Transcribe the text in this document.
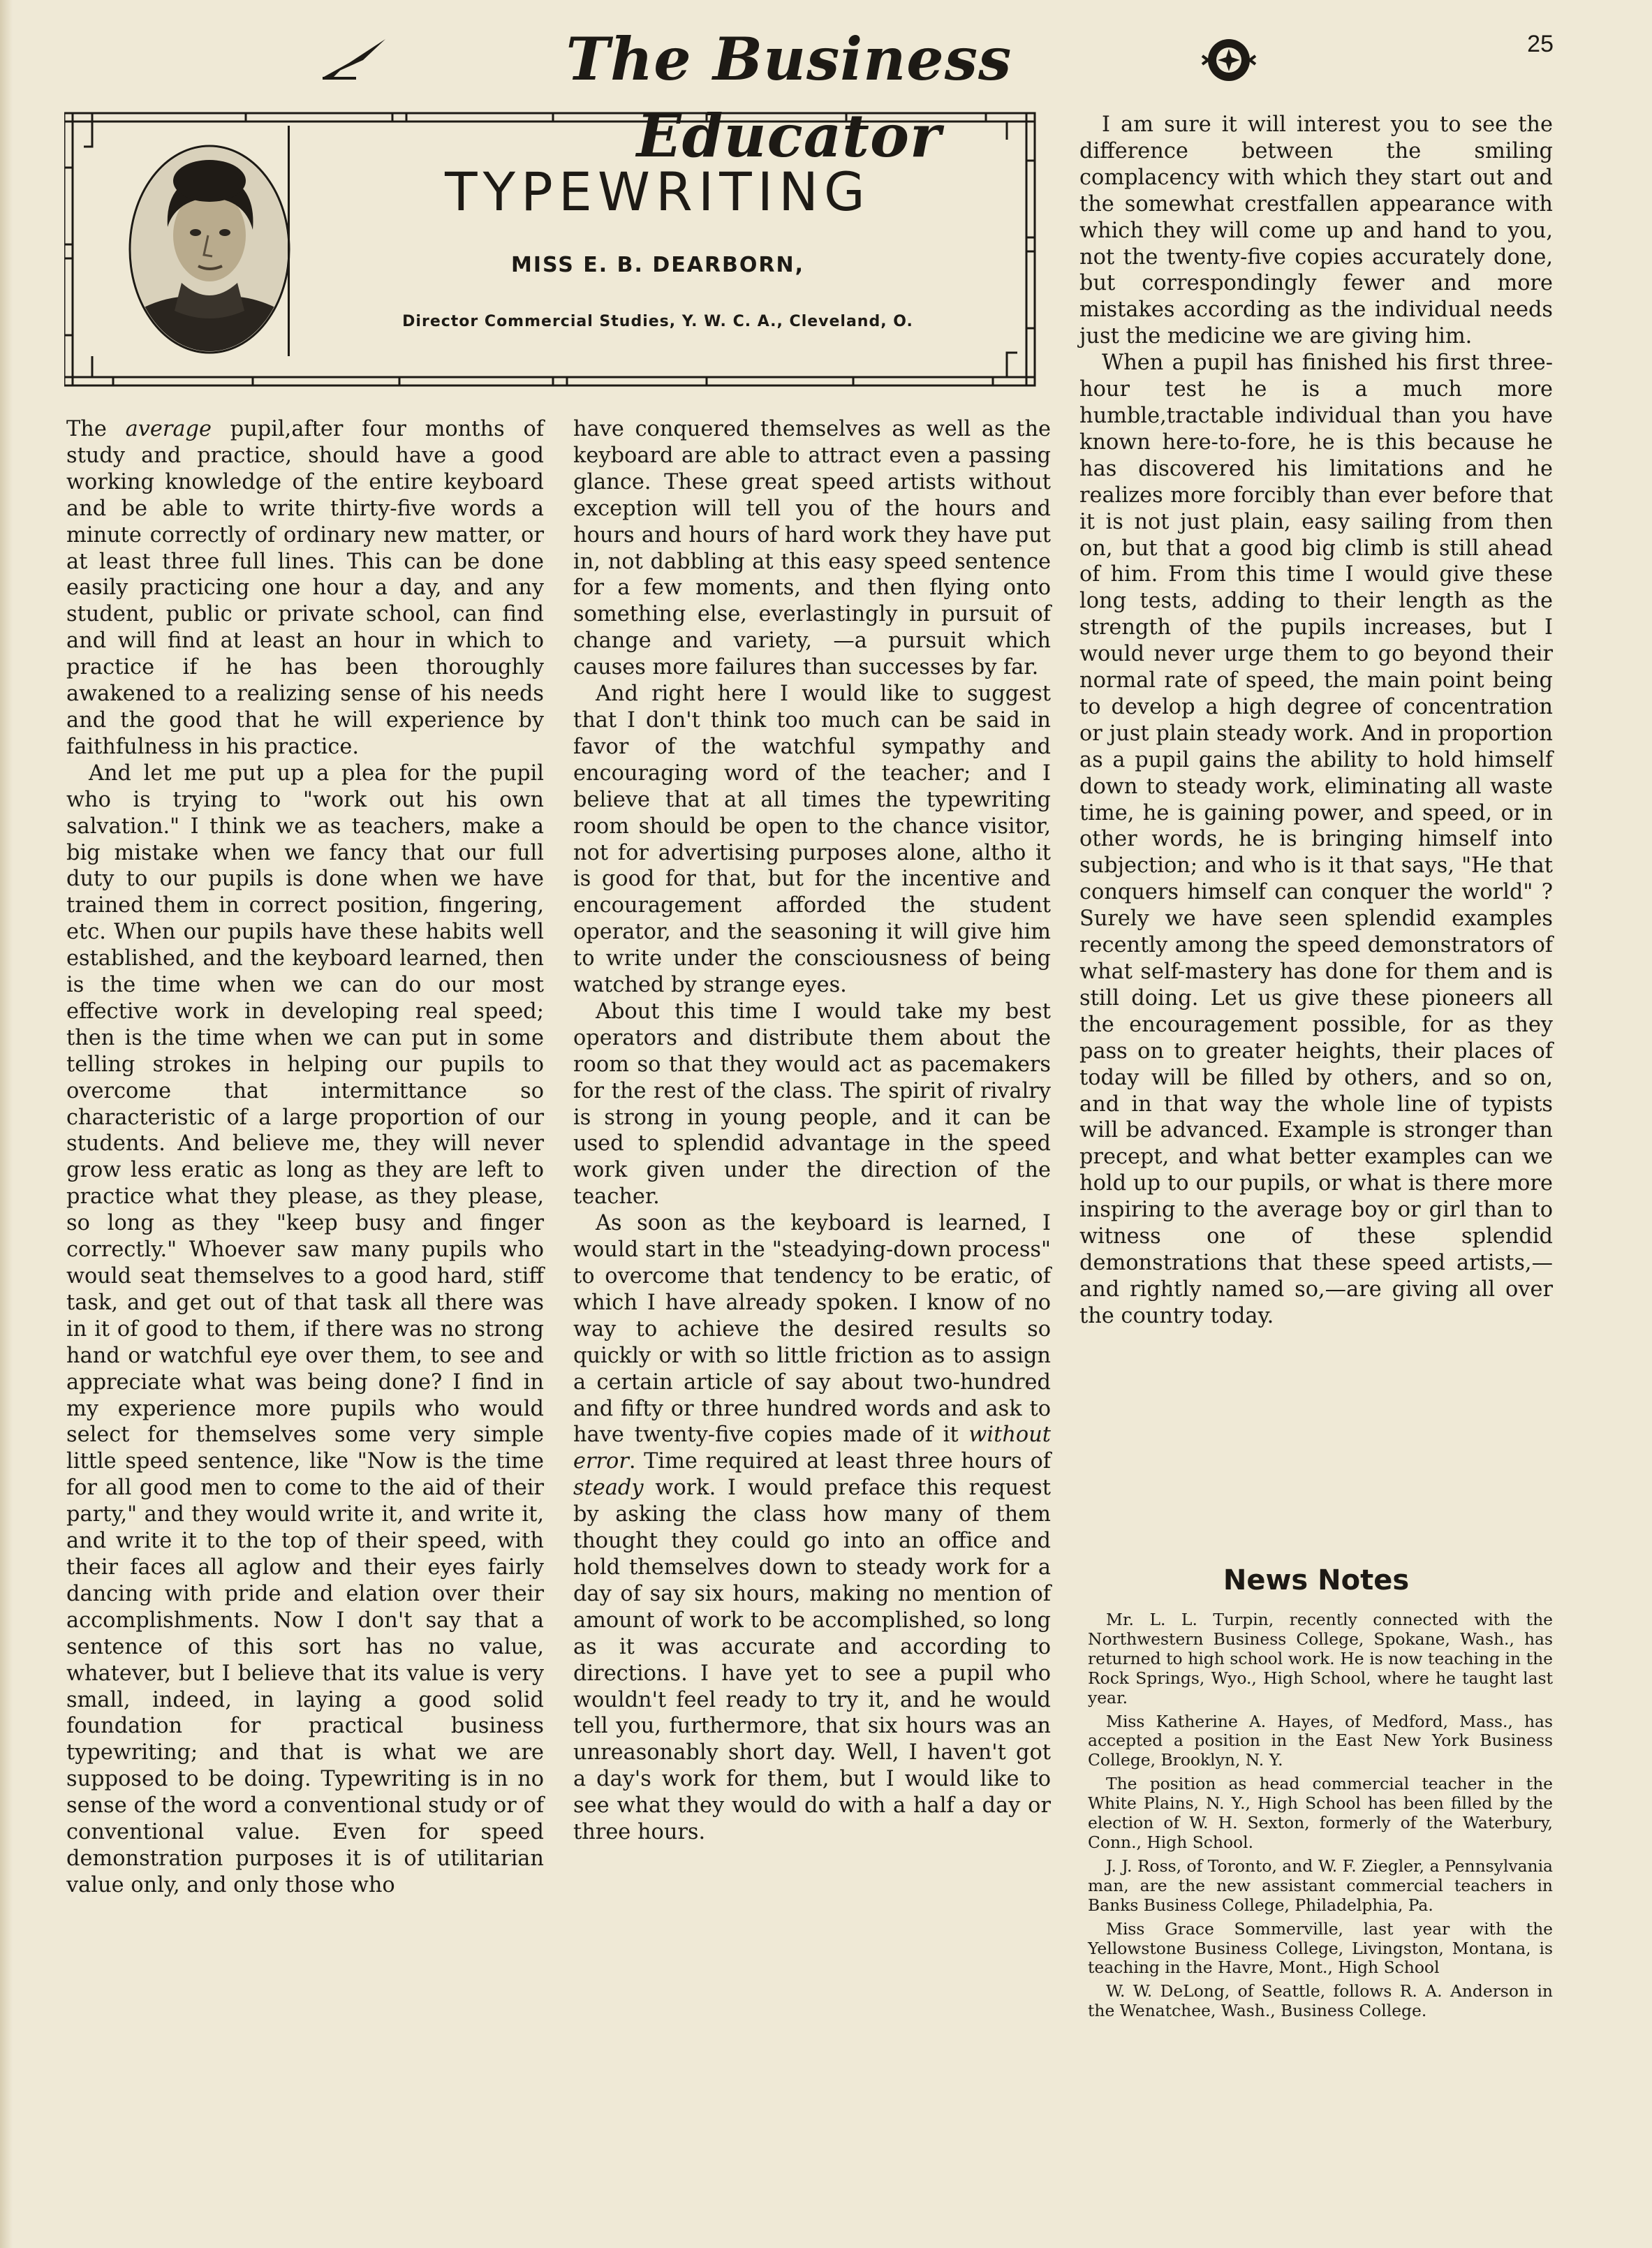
The Business Educator
25
TYPEWRITING
MISS E. B. DEARBORN,
Director Commercial Studies, Y. W. C. A., Cleveland, O.

The average pupil,after four months of study and practice, should have a good working knowledge of the entire keyboard and be able to write thirty-five words a minute correctly of ordinary new matter, or at least three full lines. This can be done easily practicing one hour a day, and any student, public or private school, can find and will find at least an hour in which to practice if he has been thoroughly awakened to a realizing sense of his needs and the good that he will experience by faithfulness in his practice.

And let me put up a plea for the pupil who is trying to "work out his own salvation." I think we as teachers, make a big mistake when we fancy that our full duty to our pupils is done when we have trained them in correct position, fingering, etc. When our pupils have these habits well established, and the keyboard learned, then is the time when we can do our most effective work in developing real speed; then is the time when we can put in some telling strokes in helping our pupils to overcome that intermittance so characteristic of a large proportion of our students. And believe me, they will never grow less eratic as long as they are left to practice what they please, as they please, so long as they "keep busy and finger correctly." Whoever saw many pupils who would seat themselves to a good hard, stiff task, and get out of that task all there was in it of good to them, if there was no strong hand or watchful eye over them, to see and appreciate what was being done? I find in my experience more pupils who would select for themselves some very simple little speed sentence, like "Now is the time for all good men to come to the aid of their party," and they would write it, and write it, and write it to the top of their speed, with their faces all aglow and their eyes fairly dancing with pride and elation over their accomplishments. Now I don't say that a sentence of this sort has no value, whatever, but I believe that its value is very small, indeed, in laying a good solid foundation for practical business typewriting; and that is what we are supposed to be doing. Typewriting is in no sense of the word a conventional study or of conventional value. Even for speed demonstration purposes it is of utilitarian value only, and only those who

have conquered themselves as well as the keyboard are able to attract even a passing glance. These great speed artists without exception will tell you of the hours and hours and hours of hard work they have put in, not dabbling at this easy speed sentence for a few moments, and then flying onto something else, everlastingly in pursuit of change and variety, —a pursuit which causes more failures than successes by far.

And right here I would like to suggest that I don't think too much can be said in favor of the watchful sympathy and encouraging word of the teacher; and I believe that at all times the typewriting room should be open to the chance visitor, not for advertising purposes alone, altho it is good for that, but for the incentive and encouragement afforded the student operator, and the seasoning it will give him to write under the consciousness of being watched by strange eyes.

About this time I would take my best operators and distribute them about the room so that they would act as pacemakers for the rest of the class. The spirit of rivalry is strong in young people, and it can be used to splendid advantage in the speed work given under the direction of the teacher.

As soon as the keyboard is learned, I would start in the "steadying-down process" to overcome that tendency to be eratic, of which I have already spoken. I know of no way to achieve the desired results so quickly or with so little friction as to assign a certain article of say about two-hundred and fifty or three hundred words and ask to have twenty-five copies made of it without error. Time required at least three hours of steady work. I would preface this request by asking the class how many of them thought they could go into an office and hold themselves down to steady work for a day of say six hours, making no mention of amount of work to be accomplished, so long as it was accurate and according to directions. I have yet to see a pupil who wouldn't feel ready to try it, and he would tell you, furthermore, that six hours was an unreasonably short day. Well, I haven't got a day's work for them, but I would like to see what they would do with a half a day or three hours.

I am sure it will interest you to see the difference between the smiling complacency with which they start out and the somewhat crestfallen appearance with which they will come up and hand to you, not the twenty-five copies accurately done, but correspondingly fewer and more mistakes according as the individual needs just the medicine we are giving him.

When a pupil has finished his first three-hour test he is a much more humble,tractable individual than you have known here-to-fore, he is this because he has discovered his limitations and he realizes more forcibly than ever before that it is not just plain, easy sailing from then on, but that a good big climb is still ahead of him. From this time I would give these long tests, adding to their length as the strength of the pupils increases, but I would never urge them to go beyond their normal rate of speed, the main point being to develop a high degree of concentration or just plain steady work. And in proportion as a pupil gains the ability to hold himself down to steady work, eliminating all waste time, he is gaining power, and speed, or in other words, he is bringing himself into subjection; and who is it that says, "He that conquers himself can conquer the world" ? Surely we have seen splendid examples recently among the speed demonstrators of what self-mastery has done for them and is still doing. Let us give these pioneers all the encouragement possible, for as they pass on to greater heights, their places of today will be filled by others, and so on, and in that way the whole line of typists will be advanced. Example is stronger than precept, and what better examples can we hold up to our pupils, or what is there more inspiring to the average boy or girl than to witness one of these splendid demonstrations that these speed artists,—and rightly named so,—are giving all over the country today.

News Notes

Mr. L. L. Turpin, recently connected with the Northwestern Business College, Spokane, Wash., has returned to high school work. He is now teaching in the Rock Springs, Wyo., High School, where he taught last year.

Miss Katherine A. Hayes, of Medford, Mass., has accepted a position in the East New York Business College, Brooklyn, N. Y.

The position as head commercial teacher in the White Plains, N. Y., High School has been filled by the election of W. H. Sexton, formerly of the Waterbury, Conn., High School.

J. J. Ross, of Toronto, and W. F. Ziegler, a Pennsylvania man, are the new assistant commercial teachers in Banks Business College, Philadelphia, Pa.

Miss Grace Sommerville, last year with the Yellowstone Business College, Livingston, Montana, is teaching in the Havre, Mont., High School

W. W. DeLong, of Seattle, follows R. A. Anderson in the Wenatchee, Wash., Business College.
